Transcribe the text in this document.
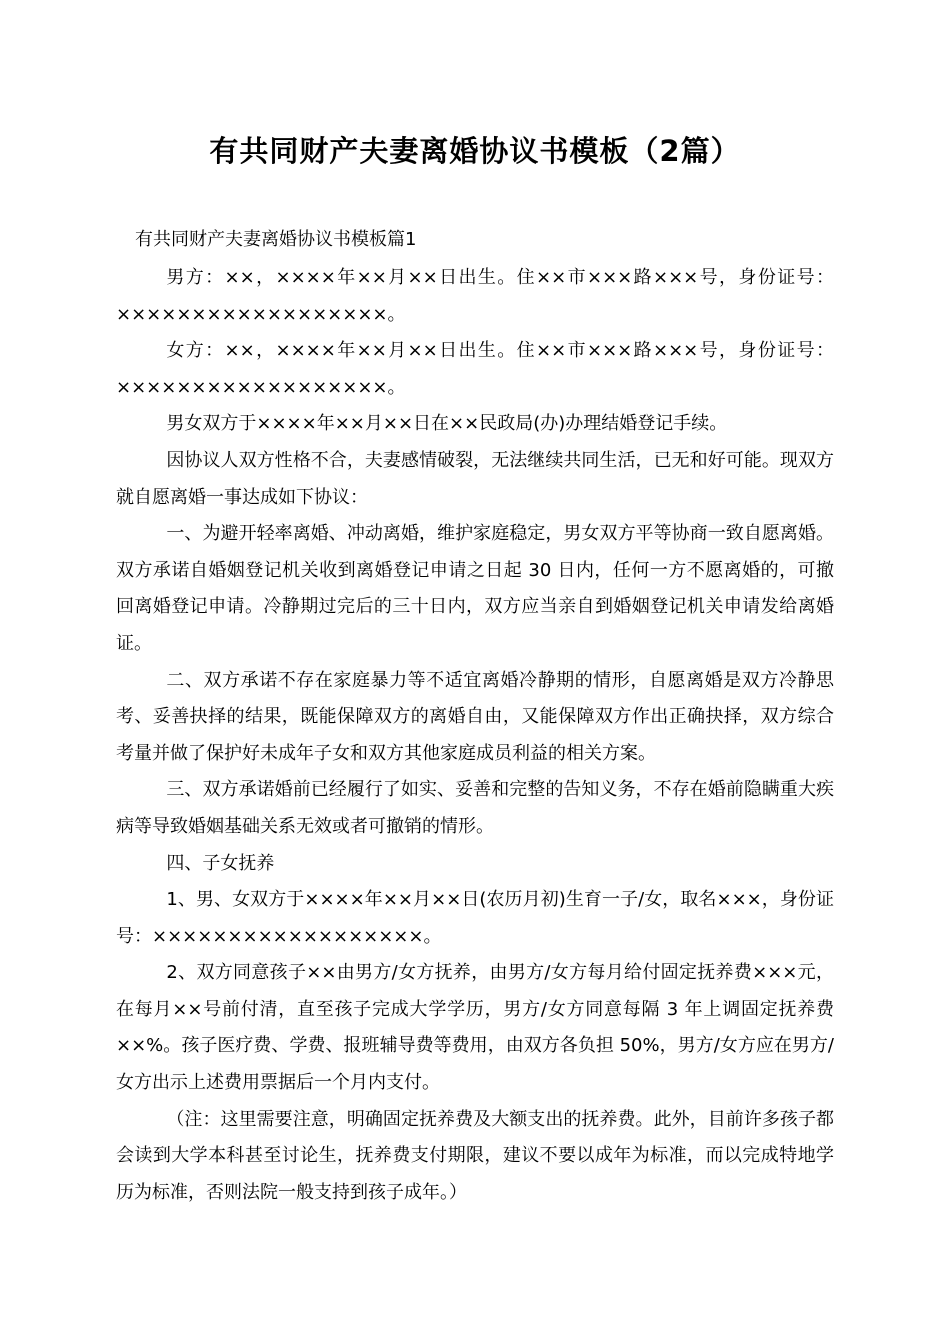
有共同财产夫妻离婚协议书模板（2篇）
有共同财产夫妻离婚协议书模板篇1

男方：××，××××年××月××日出生。住××市×××路×××号，身份证号：××××××××××××××××××。

女方：××，××××年××月××日出生。住××市×××路×××号，身份证号：××××××××××××××××××。

男女双方于××××年××月××日在××民政局(办)办理结婚登记手续。

因协议人双方性格不合，夫妻感情破裂，无法继续共同生活，已无和好可能。现双方就自愿离婚一事达成如下协议：

一、为避开轻率离婚、冲动离婚，维护家庭稳定，男女双方平等协商一致自愿离婚。双方承诺自婚姻登记机关收到离婚登记申请之日起 30 日内，任何一方不愿离婚的，可撤回离婚登记申请。冷静期过完后的三十日内，双方应当亲自到婚姻登记机关申请发给离婚证。

二、双方承诺不存在家庭暴力等不适宜离婚冷静期的情形，自愿离婚是双方冷静思考、妥善抉择的结果，既能保障双方的离婚自由，又能保障双方作出正确抉择，双方综合考量并做了保护好未成年子女和双方其他家庭成员利益的相关方案。

三、双方承诺婚前已经履行了如实、妥善和完整的告知义务，不存在婚前隐瞒重大疾病等导致婚姻基础关系无效或者可撤销的情形。

四、子女抚养

1、男、女双方于××××年××月××日(农历月初)生育一子/女，取名×××，身份证号：××××××××××××××××××。

2、双方同意孩子××由男方/女方抚养，由男方/女方每月给付固定抚养费×××元，在每月××号前付清，直至孩子完成大学学历，男方/女方同意每隔 3 年上调固定抚养费××%。孩子医疗费、学费、报班辅导费等费用，由双方各负担 50%，男方/女方应在男方/女方出示上述费用票据后一个月内支付。

（注：这里需要注意，明确固定抚养费及大额支出的抚养费。此外，目前许多孩子都会读到大学本科甚至讨论生，抚养费支付期限，建议不要以成年为标准，而以完成特地学历为标准，否则法院一般支持到孩子成年。）
